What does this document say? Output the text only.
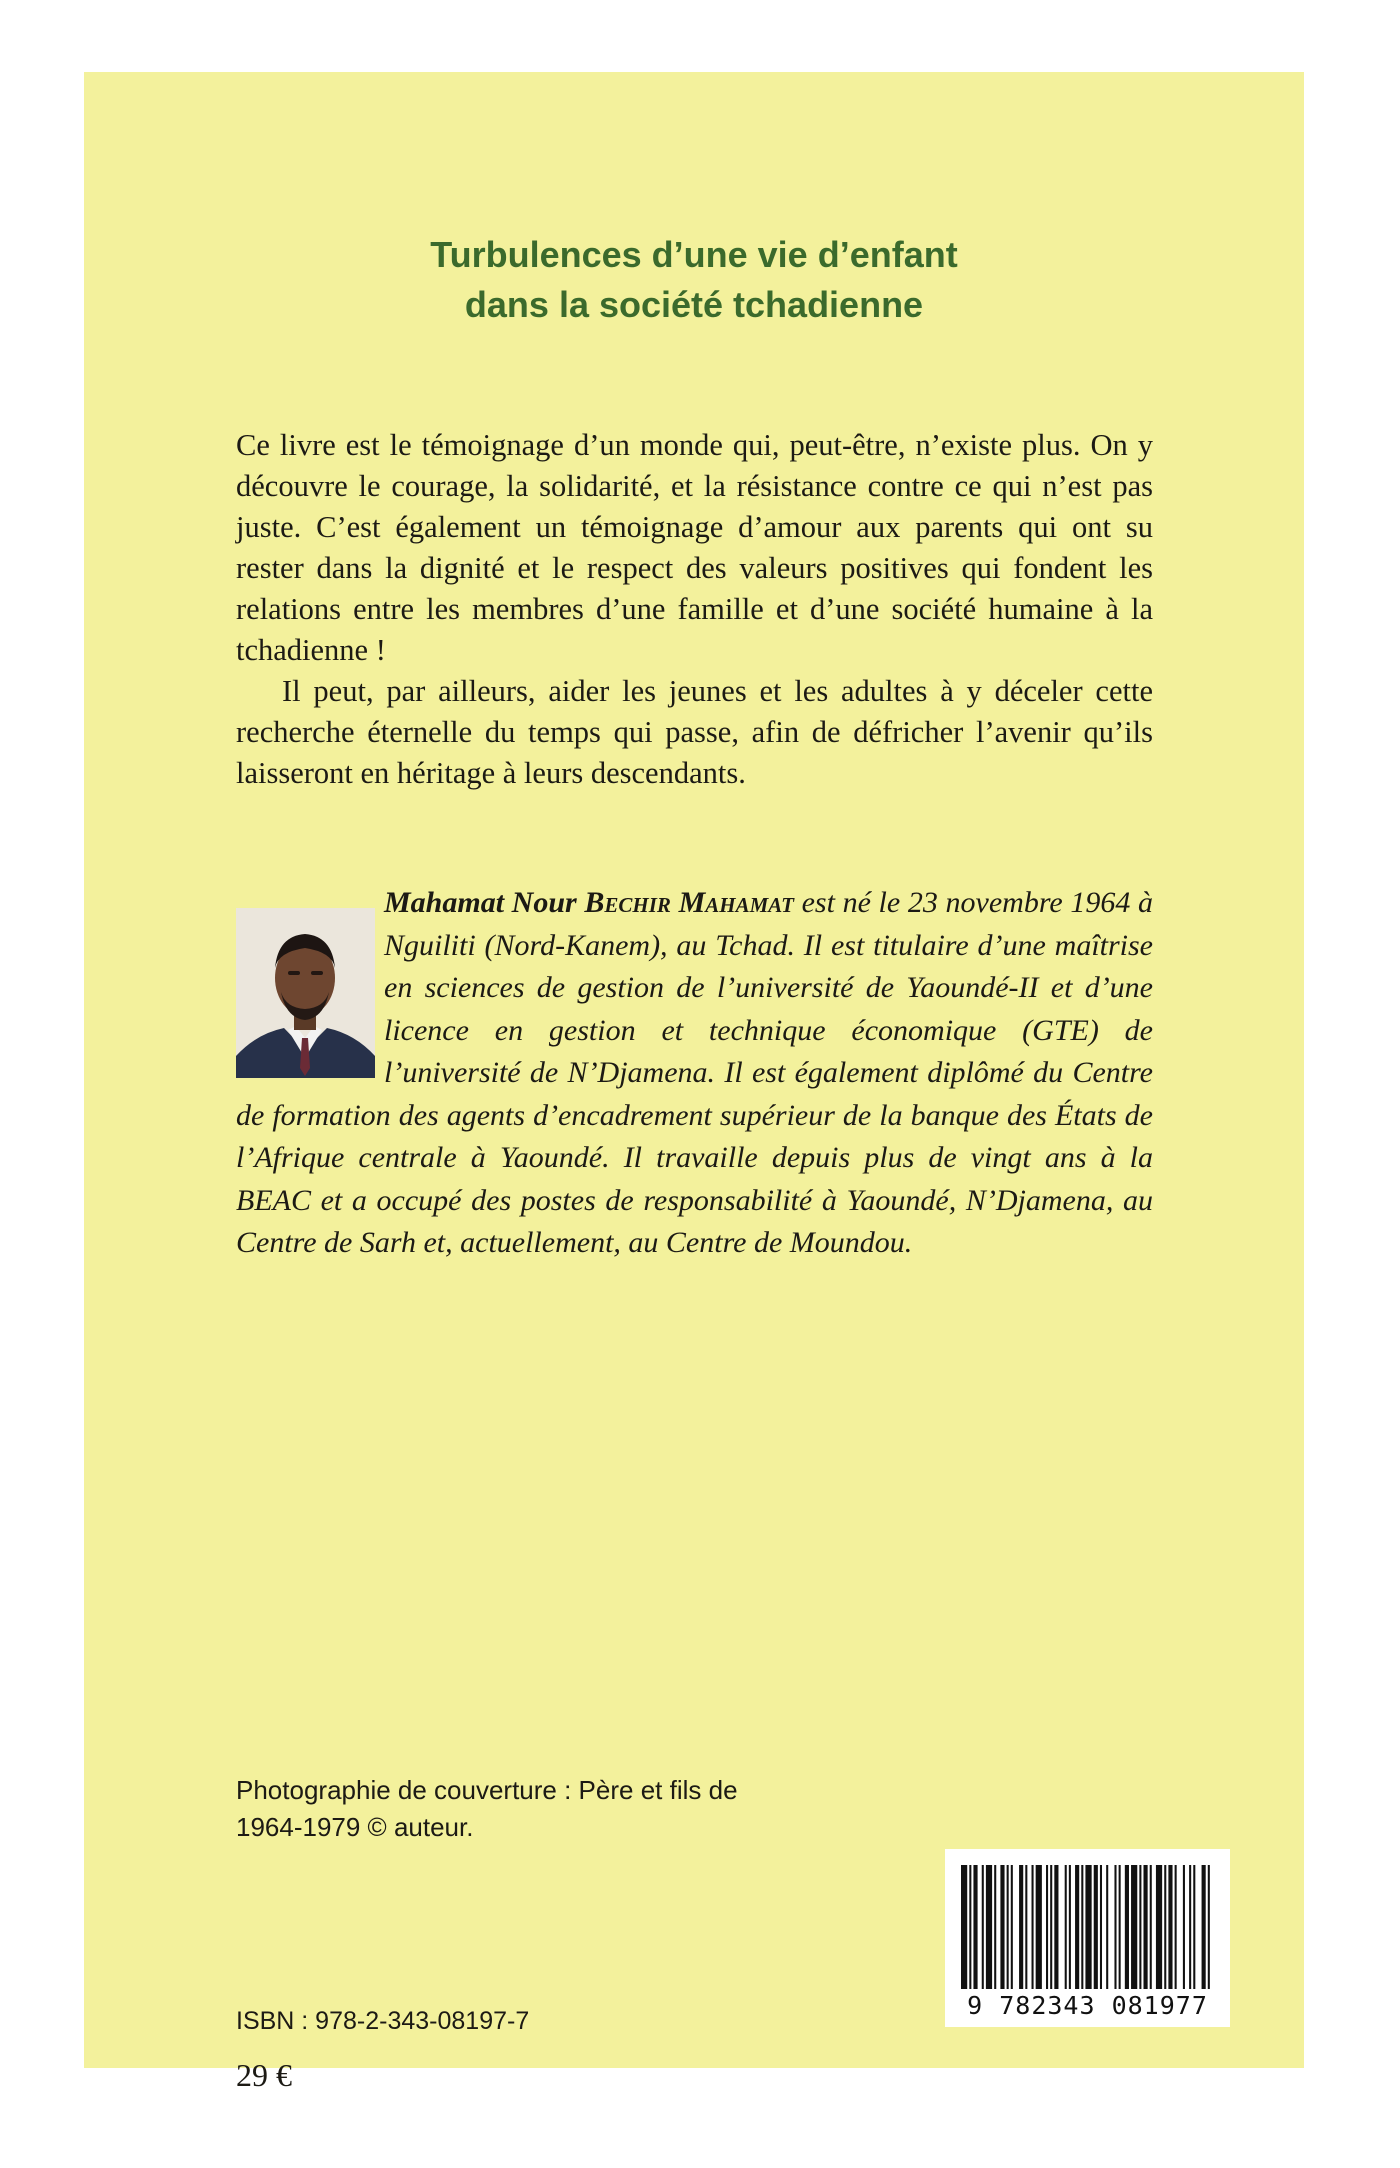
Turbulences d’une vie d’enfant
dans la société tchadienne

Ce livre est le témoignage d’un monde qui, peut-être, n’existe plus. On y découvre le courage, la solidarité, et la résistance contre ce qui n’est pas juste. C’est également un témoignage d’amour aux parents qui ont su rester dans la dignité et le respect des valeurs positives qui fondent les relations entre les membres d’une famille et d’une société humaine à la tchadienne !

Il peut, par ailleurs, aider les jeunes et les adultes à y déceler cette recherche éternelle du temps qui passe, afin de défricher l’avenir qu’ils laisseront en héritage à leurs descendants.

Mahamat Nour Bechir Mahamat est né le 23 novembre 1964 à Nguiliti (Nord-Kanem), au Tchad. Il est titulaire d’une maîtrise en sciences de gestion de l’université de Yaoundé-II et d’une licence en gestion et technique économique (GTE) de l’université de N’Djamena. Il est également diplômé du Centre de formation des agents d’encadrement supérieur de la banque des États de l’Afrique centrale à Yaoundé. Il travaille depuis plus de vingt ans à la BEAC et a occupé des postes de responsabilité à Yaoundé, N’Djamena, au Centre de Sarh et, actuellement, au Centre de Moundou.
Photographie de couverture : Père et fils de
1964-1979 © auteur.
ISBN : 978-2-343-08197-7
29 €
9 782343 081977
